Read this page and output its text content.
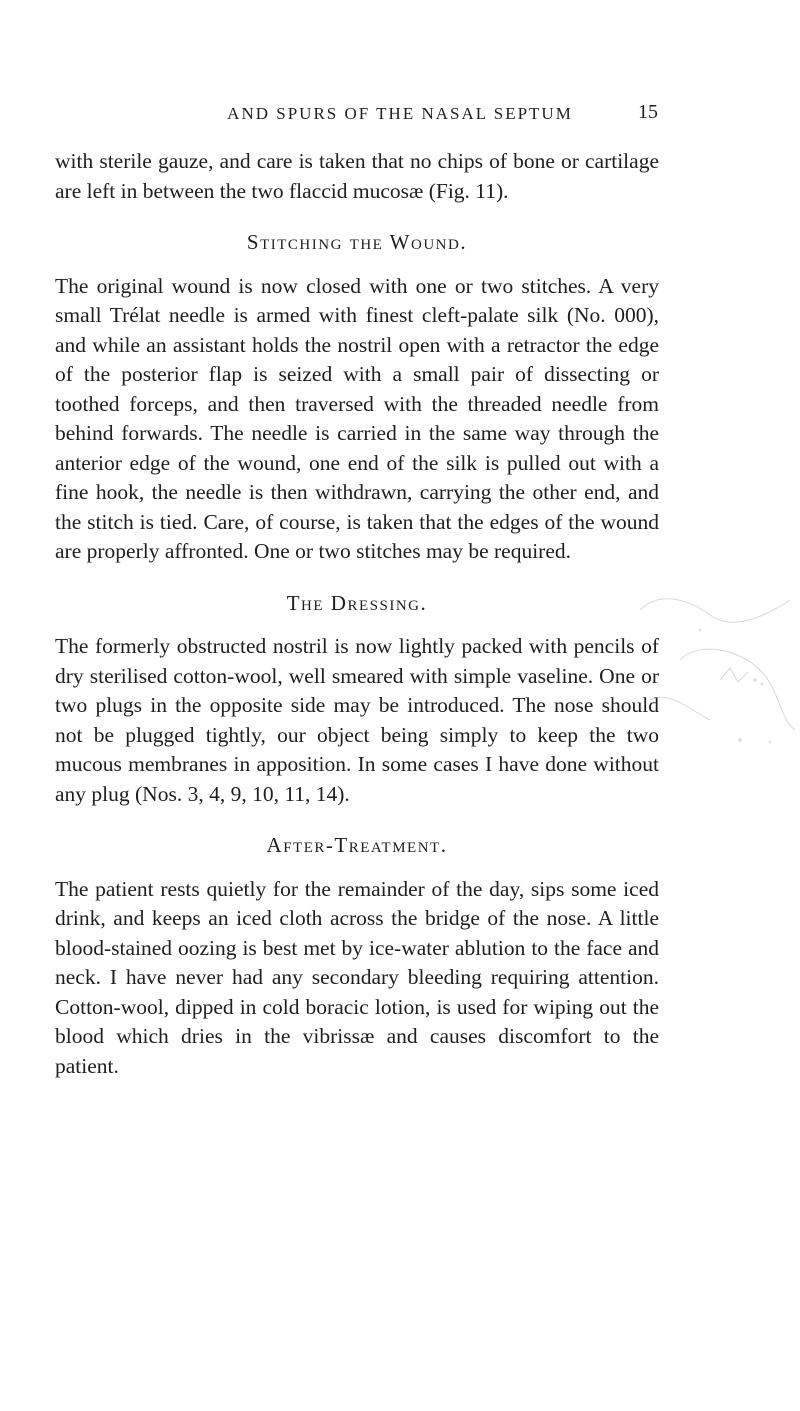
AND SPURS OF THE NASAL SEPTUM	15

with sterile gauze, and care is taken that no chips of bone or cartilage are left in between the two flaccid mucosæ (Fig. 11).

Stitching the Wound.

The original wound is now closed with one or two stitches. A very small Trélat needle is armed with finest cleft-palate silk (No. 000), and while an assistant holds the nostril open with a retractor the edge of the posterior flap is seized with a small pair of dissecting or toothed forceps, and then traversed with the threaded needle from behind forwards. The needle is carried in the same way through the anterior edge of the wound, one end of the silk is pulled out with a fine hook, the needle is then withdrawn, carrying the other end, and the stitch is tied. Care, of course, is taken that the edges of the wound are properly affronted. One or two stitches may be required.

The Dressing.

The formerly obstructed nostril is now lightly packed with pencils of dry sterilised cotton-wool, well smeared with simple vaseline. One or two plugs in the opposite side may be introduced. The nose should not be plugged tightly, our object being simply to keep the two mucous membranes in apposition. In some cases I have done without any plug (Nos. 3, 4, 9, 10, 11, 14).

After-Treatment.

The patient rests quietly for the remainder of the day, sips some iced drink, and keeps an iced cloth across the bridge of the nose. A little blood-stained oozing is best met by ice-water ablution to the face and neck. I have never had any secondary bleeding requiring attention. Cotton-wool, dipped in cold boracic lotion, is used for wiping out the blood which dries in the vibrissæ and causes discomfort to the patient.
